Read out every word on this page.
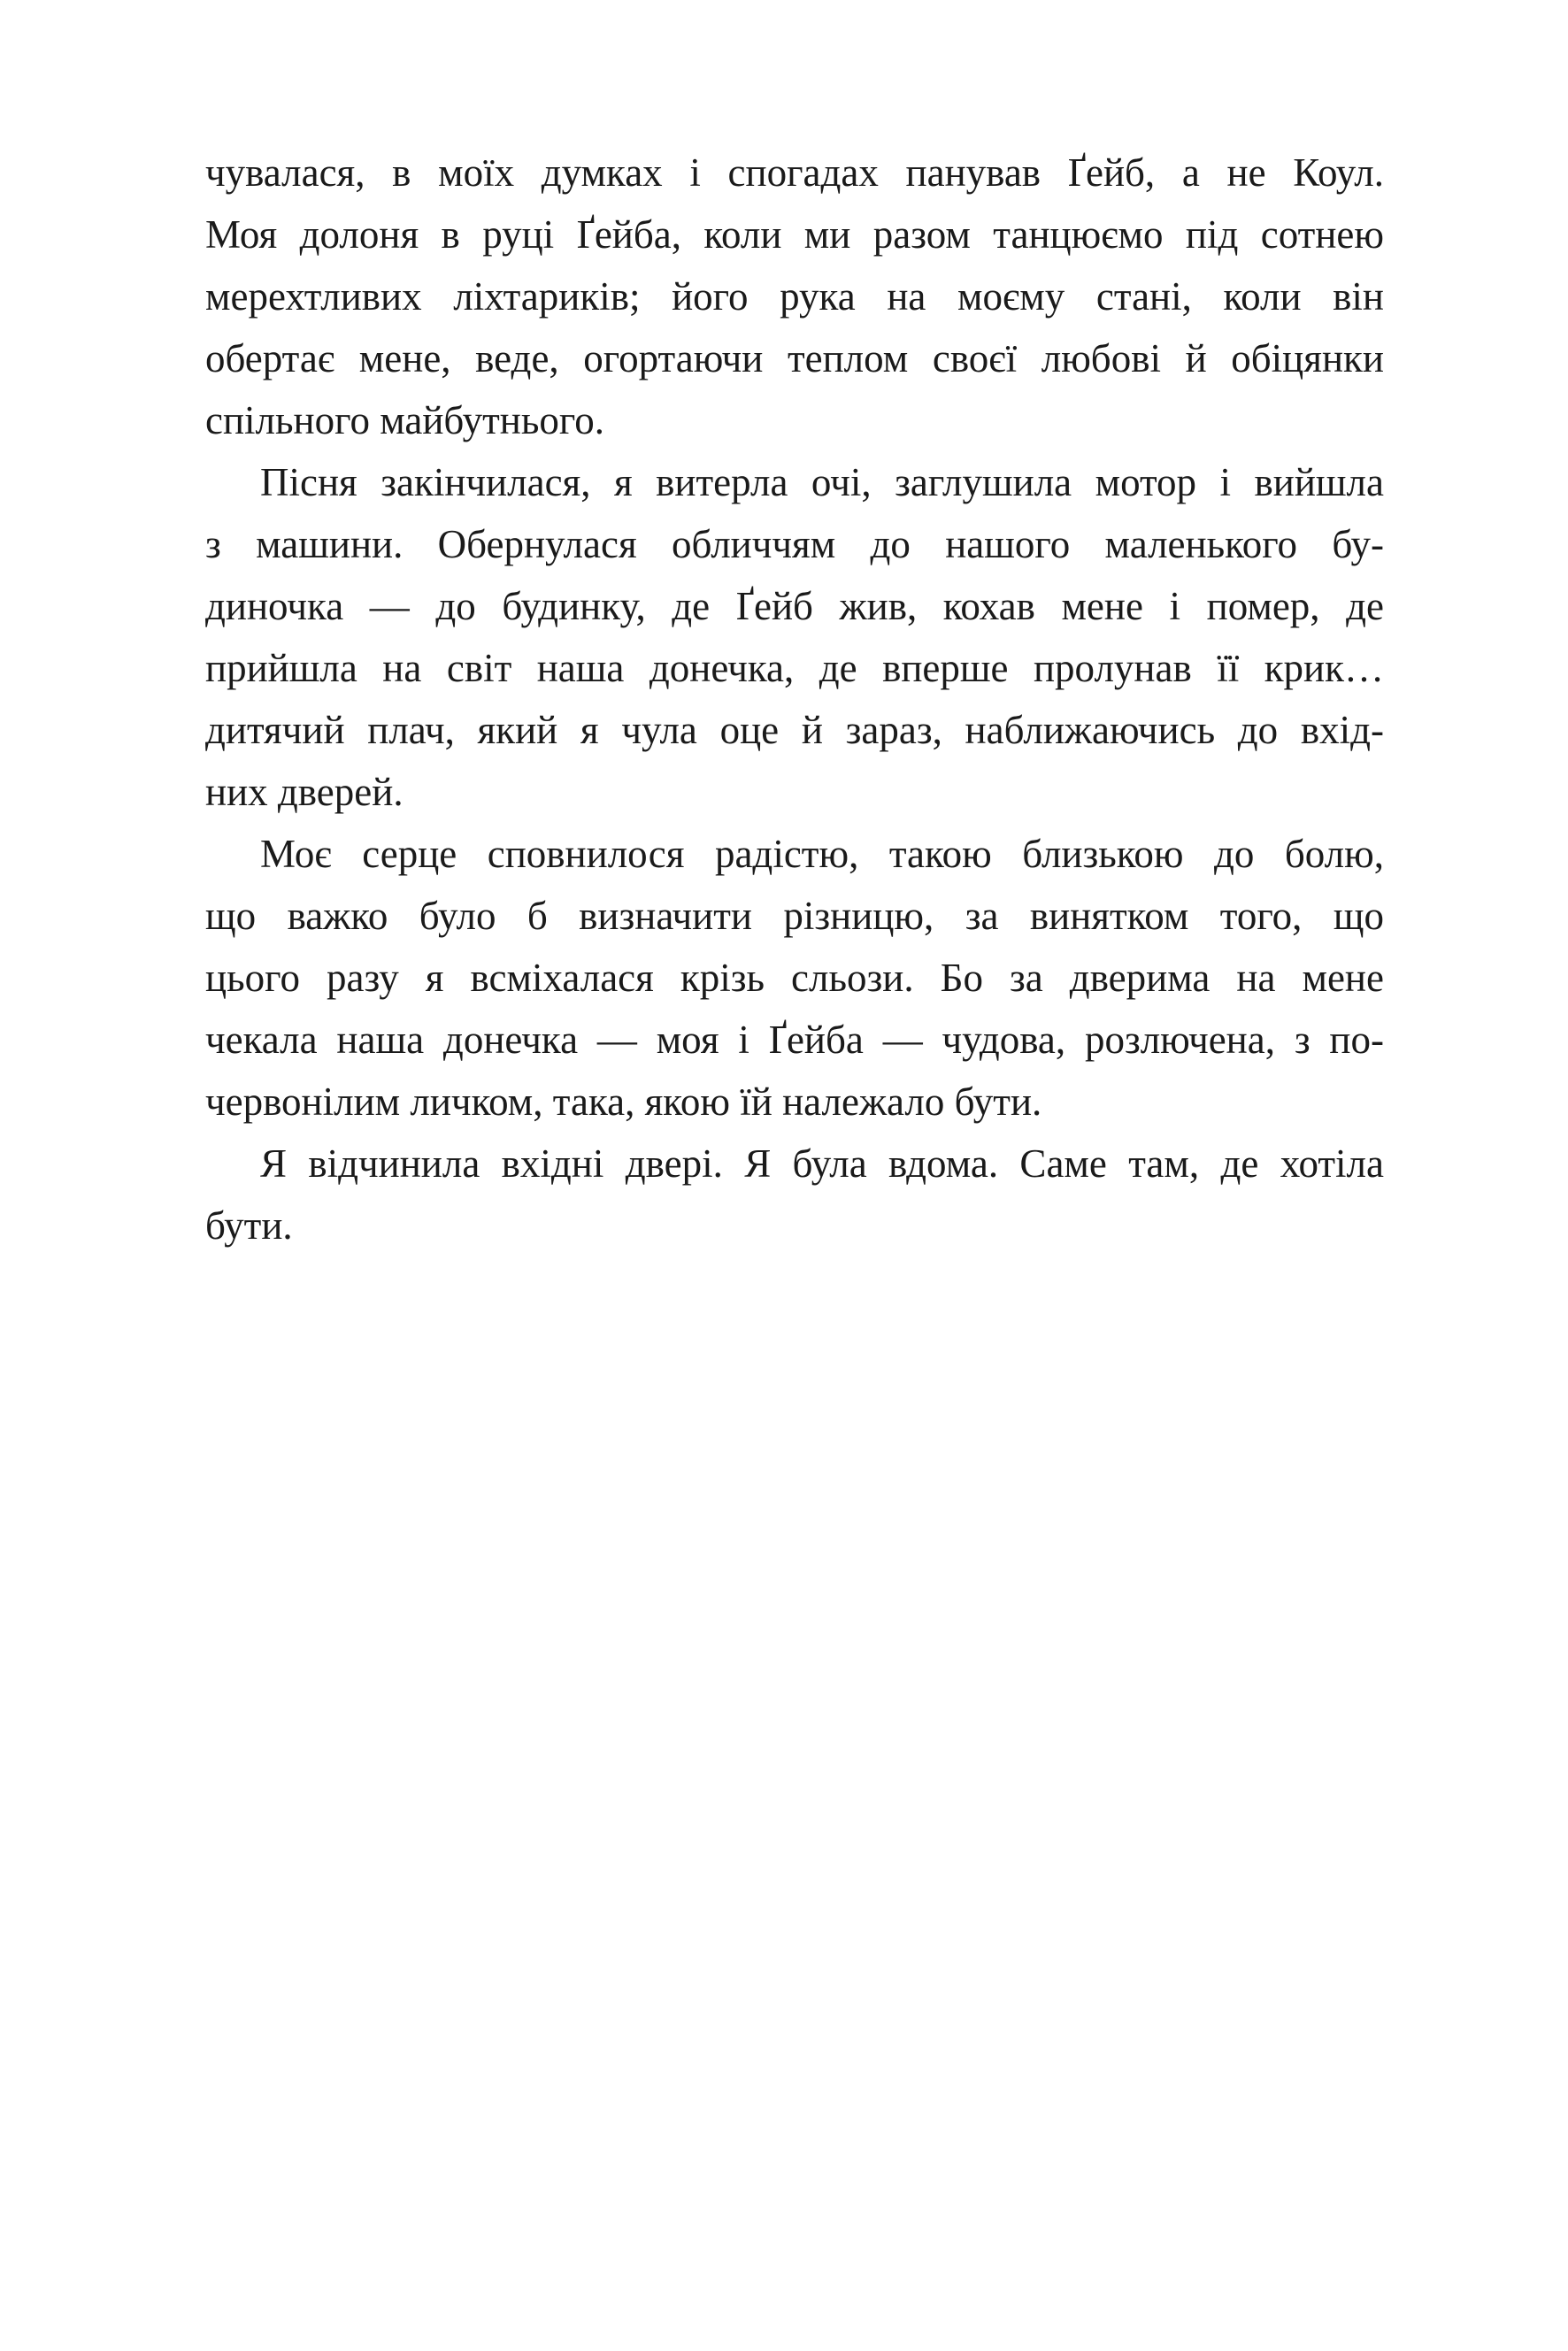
чувалася, в моїх думках і спогадах панував Ґейб, а не Коул.
Моя долоня в руці Ґейба, коли ми разом танцюємо під сотнею
мерехтливих ліхтариків; його рука на моєму стані, коли він
обертає мене, веде, огортаючи теплом своєї любові й обіцянки
спільного майбутнього.
Пісня закінчилася, я витерла очі, заглушила мотор і вийшла
з машини. Обернулася обличчям до нашого маленького бу-
диночка — до будинку, де Ґейб жив, кохав мене і помер, де
прийшла на світ наша донечка, де вперше пролунав її крик…
дитячий плач, який я чула оце й зараз, наближаючись до вхід-
них дверей.
Моє серце сповнилося радістю, такою близькою до болю,
що важко було б визначити різницю, за винятком того, що
цього разу я всміхалася крізь сльози. Бо за дверима на мене
чекала наша донечка — моя і Ґейба — чудова, розлючена, з по-
червонілим личком, така, якою їй належало бути.
Я відчинила вхідні двері. Я була вдома. Саме там, де хотіла
бути.
